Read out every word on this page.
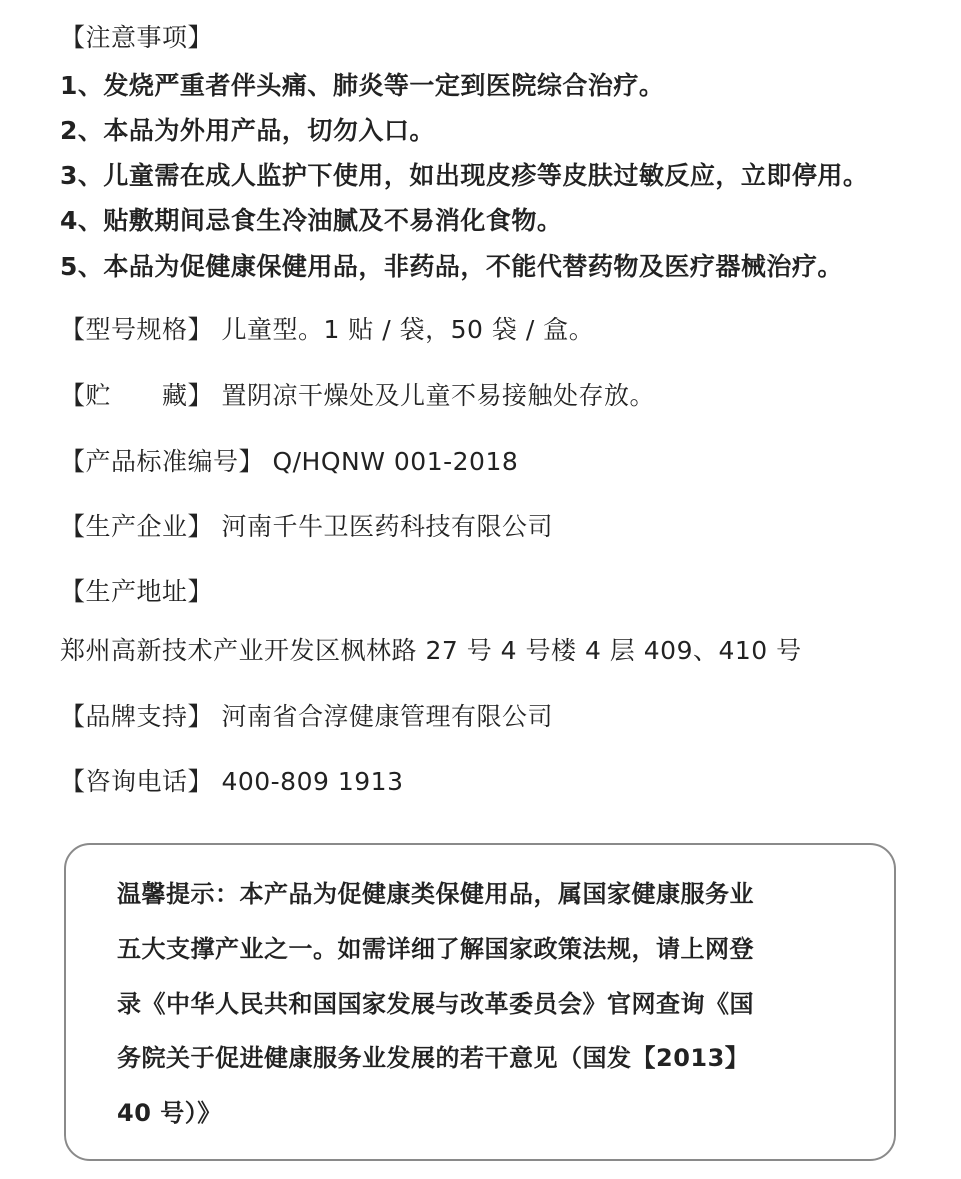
【注意事项】
1、发烧严重者伴头痛、肺炎等一定到医院综合治疗。
2、本品为外用产品，切勿入口。
3、儿童需在成人监护下使用，如出现皮疹等皮肤过敏反应，立即停用。
4、贴敷期间忌食生冷油腻及不易消化食物。
5、本品为促健康保健用品，非药品，不能代替药物及医疗器械治疗。
【型号规格】 儿童型。1 贴 / 袋，50 袋 / 盒。
【贮　　藏】 置阴凉干燥处及儿童不易接触处存放。
【产品标准编号】 Q/HQNW 001-2018
【生产企业】 河南千牛卫医药科技有限公司
【生产地址】
郑州高新技术产业开发区枫林路 27 号 4 号楼 4 层 409、410 号
【品牌支持】 河南省合淳健康管理有限公司
【咨询电话】 400-809 1913
温馨提示：本产品为促健康类保健用品，属国家健康服务业
五大支撑产业之一。如需详细了解国家政策法规，请上网登
录《中华人民共和国国家发展与改革委员会》官网查询《国
务院关于促进健康服务业发展的若干意见（国发【2013】
40 号）》
